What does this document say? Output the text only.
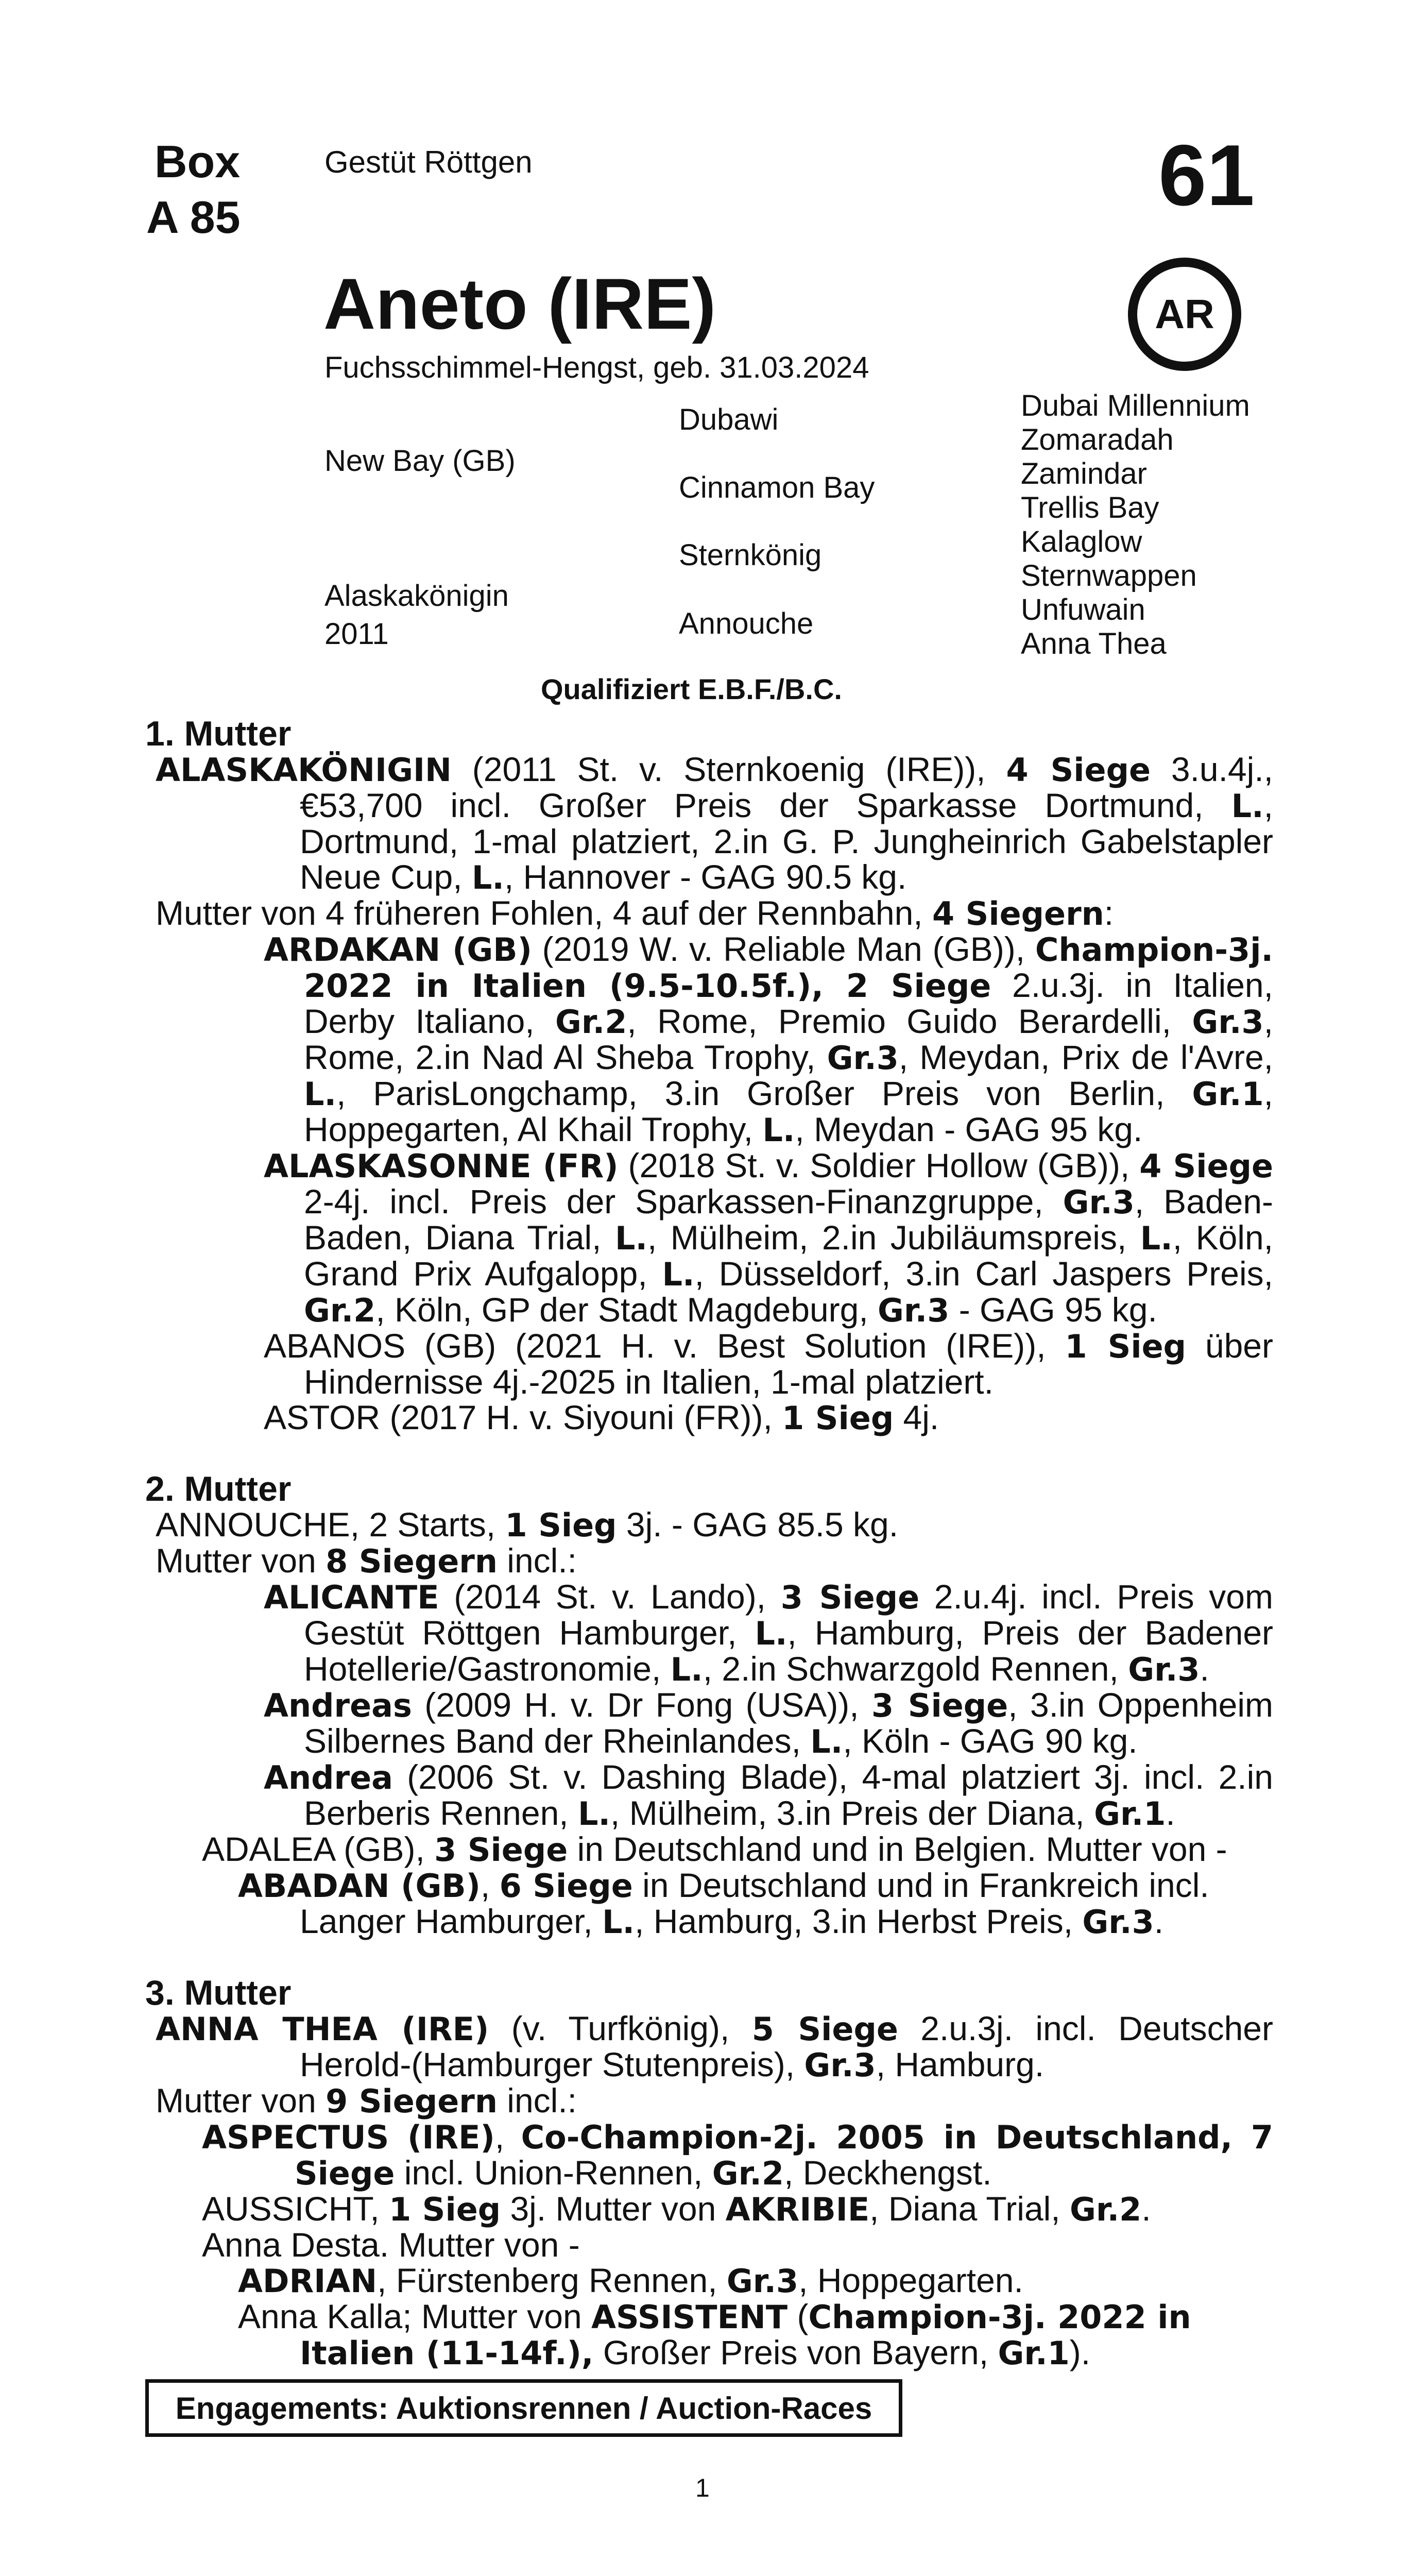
Box
A 85
Gestüt Röttgen	61
AR
Aneto (IRE)
Fuchsschimmel-Hengst, geb. 31.03.2024
Dubawi
New Bay (GB)
Cinnamon Bay
Sternkönig
Alaskakönigin
2011	Annouche
Dubai Millennium
Zomaradah
Zamindar
Trellis Bay
Kalaglow
Sternwappen
Unfuwain
Anna Thea
Qualifiziert E.B.F./B.C.

1. Mutter

ALASKAKÖNIGIN (2011 St. v. Sternkoenig (IRE)), 4 Siege 3.u.4j., €53,700 incl. Großer Preis der Sparkasse Dortmund, L., Dortmund, 1-mal platziert, 2.in G. P. Jungheinrich Gabelstapler Neue Cup, L., Hannover - GAG 90.5 kg.

Mutter von 4 früheren Fohlen, 4 auf der Rennbahn, 4 Siegern:

ARDAKAN (GB) (2019 W. v. Reliable Man (GB)), Champion-3j. 2022 in Italien (9.5-10.5f.), 2 Siege 2.u.3j. in Italien, Derby Italiano, Gr.2, Rome, Premio Guido Berardelli, Gr.3, Rome, 2.in Nad Al Sheba Trophy, Gr.3, Meydan, Prix de l'Avre, L., ParisLongchamp, 3.in Großer Preis von Berlin, Gr.1, Hoppegarten, Al Khail Trophy, L., Meydan - GAG 95 kg.

ALASKASONNE (FR) (2018 St. v. Soldier Hollow (GB)), 4 Siege 2-4j. incl. Preis der Sparkassen-Finanzgruppe, Gr.3, Baden-Baden, Diana Trial, L., Mülheim, 2.in Jubiläumspreis, L., Köln, Grand Prix Aufgalopp, L., Düsseldorf, 3.in Carl Jaspers Preis, Gr.2, Köln, GP der Stadt Magdeburg, Gr.3 - GAG 95 kg.

ABANOS (GB) (2021 H. v. Best Solution (IRE)), 1 Sieg über Hindernisse 4j.-2025 in Italien, 1-mal platziert.

ASTOR (2017 H. v. Siyouni (FR)), 1 Sieg 4j.

2. Mutter

ANNOUCHE, 2 Starts, 1 Sieg 3j. - GAG 85.5 kg.

Mutter von 8 Siegern incl.:

ALICANTE (2014 St. v. Lando), 3 Siege 2.u.4j. incl. Preis vom Gestüt Röttgen Hamburger, L., Hamburg, Preis der Badener Hotellerie/Gastronomie, L., 2.in Schwarzgold Rennen, Gr.3.

Andreas (2009 H. v. Dr Fong (USA)), 3 Siege, 3.in Oppenheim Silbernes Band der Rheinlandes, L., Köln - GAG 90 kg.

Andrea (2006 St. v. Dashing Blade), 4-mal platziert 3j. incl. 2.in Berberis Rennen, L., Mülheim, 3.in Preis der Diana, Gr.1.

ADALEA (GB), 3 Siege in Deutschland und in Belgien. Mutter von -

ABADAN (GB), 6 Siege in Deutschland und in Frankreich incl. Langer Hamburger, L., Hamburg, 3.in Herbst Preis, Gr.3.

3. Mutter

ANNA THEA (IRE) (v. Turfkönig), 5 Siege 2.u.3j. incl. Deutscher Herold-(Hamburger Stutenpreis), Gr.3, Hamburg.

Mutter von 9 Siegern incl.:

ASPECTUS (IRE), Co-Champion-2j. 2005 in Deutschland, 7 Siege incl. Union-Rennen, Gr.2, Deckhengst.

AUSSICHT, 1 Sieg 3j. Mutter von AKRIBIE, Diana Trial, Gr.2.

Anna Desta. Mutter von -

ADRIAN, Fürstenberg Rennen, Gr.3, Hoppegarten.

Anna Kalla; Mutter von ASSISTENT (Champion-3j. 2022 in Italien (11-14f.), Großer Preis von Bayern, Gr.1).

Engagements: Auktionsrennen / Auction-Races
1
